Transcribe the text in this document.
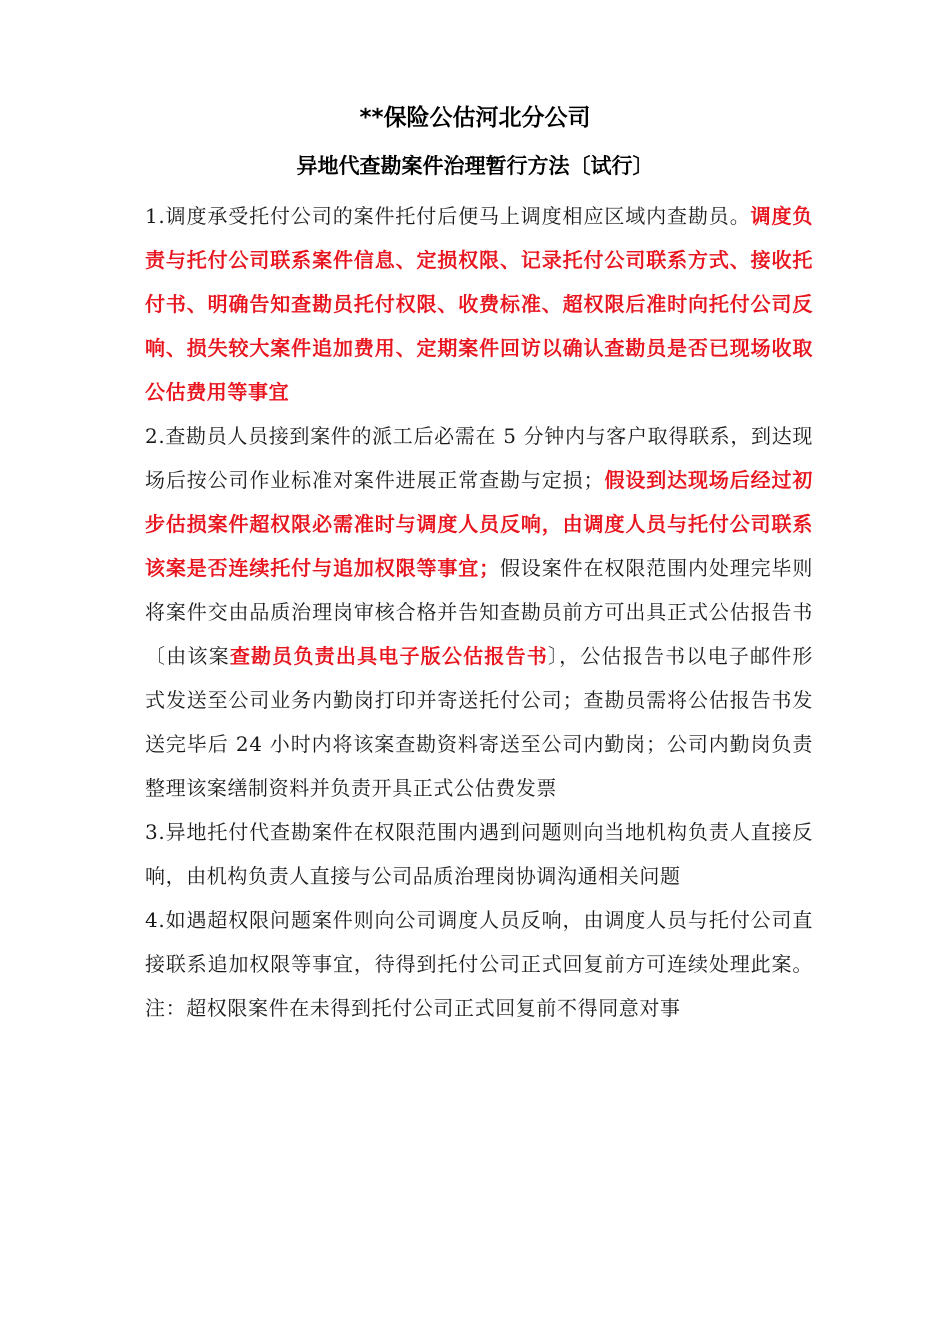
**保险公估河北分公司
异地代查勘案件治理暂行方法〔试行〕

1.调度承受托付公司的案件托付后便马上调度相应区域内查勘员。调度负责与托付公司联系案件信息、定损权限、记录托付公司联系方式、接收托付书、明确告知查勘员托付权限、收费标准、超权限后准时向托付公司反响、损失较大案件追加费用、定期案件回访以确认查勘员是否已现场收取公估费用等事宜

2.查勘员人员接到案件的派工后必需在 5 分钟内与客户取得联系，到达现场后按公司作业标准对案件进展正常查勘与定损；假设到达现场后经过初步估损案件超权限必需准时与调度人员反响，由调度人员与托付公司联系该案是否连续托付与追加权限等事宜；假设案件在权限范围内处理完毕则将案件交由品质治理岗审核合格并告知查勘员前方可出具正式公估报告书〔由该案查勘员负责出具电子版公估报告书〕，公估报告书以电子邮件形式发送至公司业务内勤岗打印并寄送托付公司；查勘员需将公估报告书发送完毕后 24 小时内将该案查勘资料寄送至公司内勤岗；公司内勤岗负责整理该案缮制资料并负责开具正式公估费发票

3.异地托付代查勘案件在权限范围内遇到问题则向当地机构负责人直接反响，由机构负责人直接与公司品质治理岗协调沟通相关问题

4.如遇超权限问题案件则向公司调度人员反响，由调度人员与托付公司直接联系追加权限等事宜，待得到托付公司正式回复前方可连续处理此案。注：超权限案件在未得到托付公司正式回复前不得同意对事
